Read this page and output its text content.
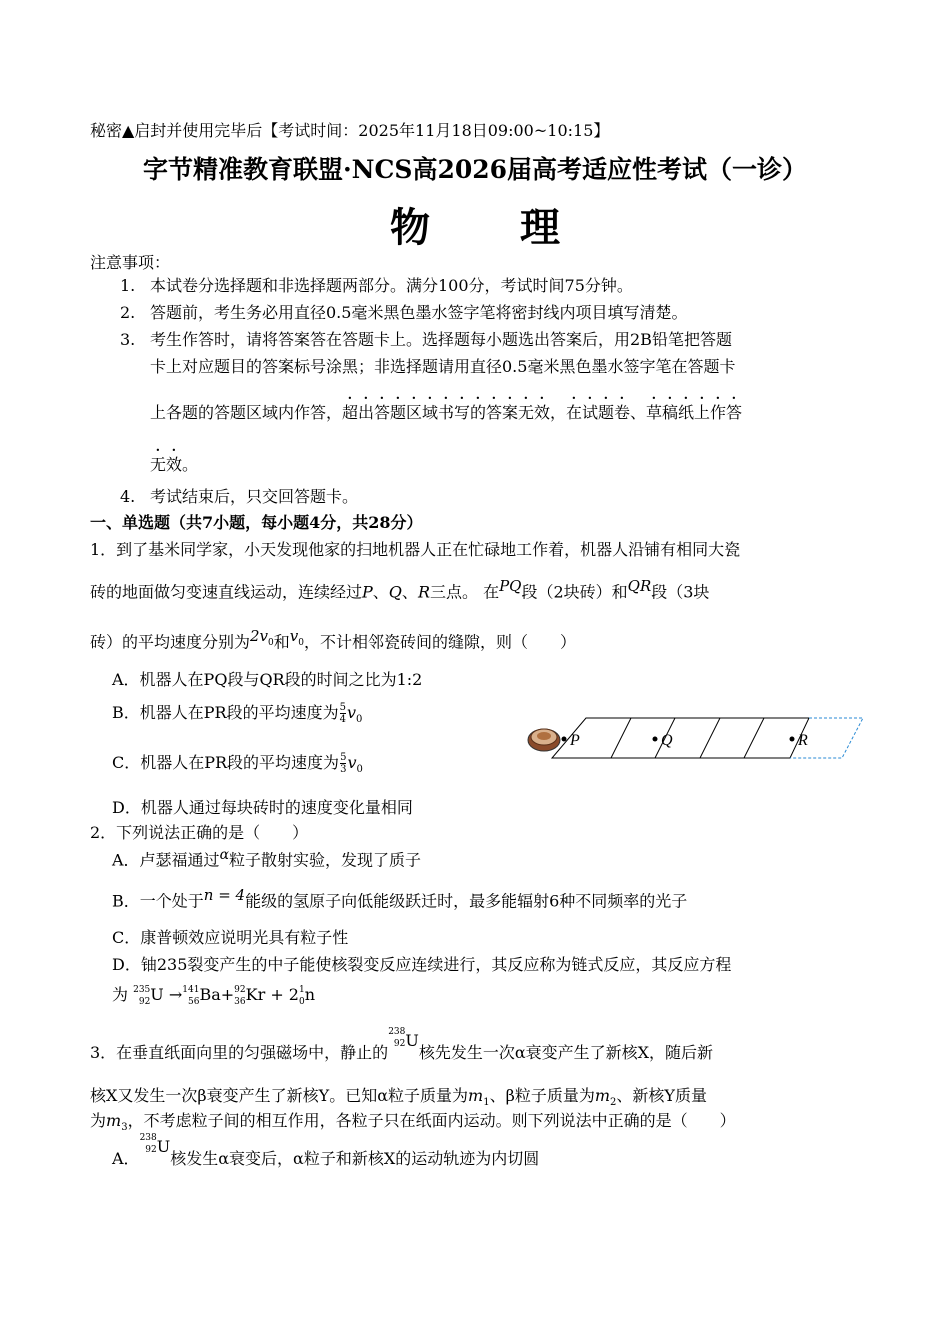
秘密▲启封并使用完毕后【考试时间：2025年11月18日09:00~10:15】
字节精准教育联盟·NCS高2026届高考适应性考试（一诊）
物 理
注意事项：
1. 本试卷分选择题和非选择题两部分。满分100分，考试时间75分钟。
2. 答题前，考生务必用直径0.5毫米黑色墨水签字笔将密封线内项目填写清楚。
3. 考生作答时，请将答案答在答题卡上。选择题每小题选出答案后，用2B铅笔把答题
卡上对应题目的答案标号涂黑；非选择题请用直径0.5毫米黑色墨水签字笔在答题卡
上各题的答题区域内作答，超出答题区域书写的答案无效，在试题卷、草稿纸上作答
无效。
4. 考试结束后，只交回答题卡。
一、单选题（共7小题，每小题4分，共28分）
1．到了基米同学家，小天发现他家的扫地机器人正在忙碌地工作着，机器人沿铺有相同大瓷
砖的地面做匀变速直线运动，连续经过P、Q、R三点。 在$^{PQ}$段（2块砖）和$^{QR}$段（3块
砖）的平均速度分别为$^{2v_0}$和$^{v_0}$，不计相邻瓷砖间的缝隙，则（　　）
A．机器人在PQ段与QR段的时间之比为1:2
B．机器人在PR段的平均速度为 $\frac{5}{4} v_0$
C．机器人在PR段的平均速度为 $\frac{5}{3} v_0$
D．机器人通过每块砖时的速度变化量相同
P	Q	R
2．下列说法正确的是（　　）
A．卢瑟福通过$^\alpha$粒子散射实验，发现了质子
B．一个处于$^{n = 4}$能级的氢原子向低能级跃迁时，最多能辐射6种不同频率的光子
C．康普顿效应说明光具有粒子性
D．铀235裂变产生的中子能使核裂变反应连续进行，其反应称为链式反应，其反应方程
为 235
92 U → 141
56 Ba+ 92
36 Kr + 2 1
0 n
3．在垂直纸面向里的匀强磁场中，静止的
238
92 U核先发生一次α衰变产生了新核X，随后新
核X又发生一次β衰变产生了新核Y。已知α粒子质量为$m_1$、β粒子质量为$m_2$、新核Y质量
为$m_3$，不考虑粒子间的相互作用，各粒子只在纸面内运动。则下列说法中正确的是（　　）
A．
238
92 U核发生α衰变后，α粒子和新核X的运动轨迹为内切圆
